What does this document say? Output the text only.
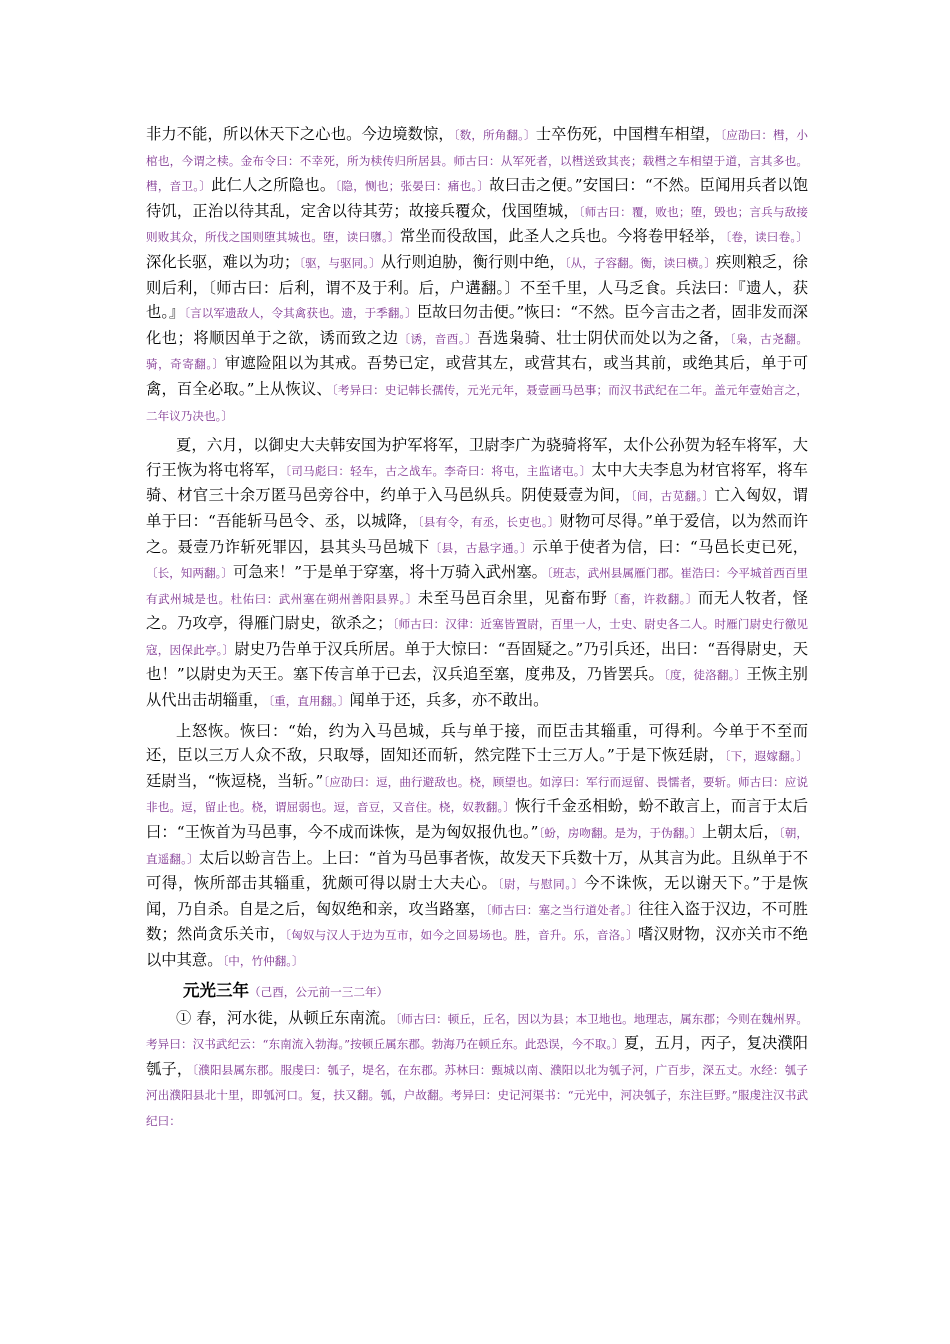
非力不能，所以休天下之心也。今边境数惊，〔数，所角翻。〕士卒伤死，中国槥车相望，〔应劭曰：槥，小棺也，今谓之椟。金布令曰：不幸死，所为椟传归所居县。师古曰：从军死者，以槥送致其丧；载槥之车相望于道，言其多也。槥，音卫。〕此仁人之所隐也。〔隐，恻也；张晏曰：痛也。〕故曰击之便。”安国曰：“不然。臣闻用兵者以饱待饥，正治以待其乱，定舍以待其劳；故接兵覆众，伐国堕城，〔师古曰：覆，败也；堕，毁也；言兵与敌接则败其众，所伐之国则堕其城也。堕，读曰隳。〕常坐而役敌国，此圣人之兵也。今将卷甲轻举，〔卷，读曰卷。〕深化长驱，难以为功；〔驱，与驱同。〕从行则迫胁，衡行则中绝，〔从，子容翻。衡，读曰横。〕疾则粮乏，徐则后利，〔师古曰：后利，谓不及于利。后，户遘翻。〕不至千里，人马乏食。兵法曰：『遗人，获也。』〔言以军遗敌人，令其禽获也。遗，于季翻。〕臣故曰勿击便。”恢曰：“不然。臣今言击之者，固非发而深化也；将顺因单于之欲，诱而致之边〔诱，音酉。〕吾选枭骑、壮士阴伏而处以为之备，〔枭，古尧翻。骑，奇寄翻。〕审遮险阻以为其戒。吾势已定，或营其左，或营其右，或当其前，或绝其后，单于可禽，百全必取。”上从恢议、〔考异曰：史记韩长孺传，元光元年，聂壹画马邑事；而汉书武纪在二年。盖元年壹始言之，二年议乃决也。〕

夏，六月，以御史大夫韩安国为护军将军，卫尉李广为骁骑将军，太仆公孙贺为轻车将军，大行王恢为将屯将军，〔司马彪曰：轻车，古之战车。李奇曰：将屯，主监诸屯。〕太中大夫李息为材官将军，将车骑、材官三十余万匿马邑旁谷中，约单于入马邑纵兵。阴使聂壹为间，〔间，古苋翻。〕亡入匈奴，谓单于曰：“吾能斩马邑令、丞，以城降，〔县有令，有丞，长吏也。〕财物可尽得。”单于爱信，以为然而许之。聂壹乃诈斩死罪囚，县其头马邑城下〔县，古悬字通。〕示单于使者为信，曰：“马邑长吏已死，〔长，知两翻。〕可急来！”于是单于穿塞，将十万骑入武州塞。〔班志，武州县属雁门郡。崔浩曰：今平城首西百里有武州城是也。杜佑曰：武州塞在朔州善阳县界。〕未至马邑百余里，见畜布野〔畜，许救翻。〕而无人牧者，怪之。乃攻亭，得雁门尉史，欲杀之；〔师古曰：汉律：近塞皆置尉，百里一人，士史、尉史各二人。时雁门尉史行徼见寇，因保此亭。〕尉史乃告单于汉兵所居。单于大惊曰：“吾固疑之。”乃引兵还，出曰：“吾得尉史，天也！”以尉史为天王。塞下传言单于已去，汉兵追至塞，度弗及，乃皆罢兵。〔度，徒洛翻。〕王恢主别从代出击胡辎重，〔重，直用翻。〕闻单于还，兵多，亦不敢出。

上怒恢。恢曰：“始，约为入马邑城，兵与单于接，而臣击其辎重，可得利。今单于不至而还，臣以三万人众不敌，只取辱，固知还而斩，然完陛下士三万人。”于是下恢廷尉，〔下，遐嫁翻。〕廷尉当，“恢逗桡，当斩。”〔应劭曰：逗，曲行避敌也。桡，顾望也。如淳曰：军行而逗留、畏懦者，要斩。师古曰：应说非也。逗，留止也。桡，谓屈弱也。逗，音豆，又音住。桡，奴教翻。〕恢行千金丞相蚡，蚡不敢言上，而言于太后曰：“王恢首为马邑事，今不成而诛恢，是为匈奴报仇也。”〔蚡，房吻翻。是为，于伪翻。〕上朝太后，〔朝，直遥翻。〕太后以蚡言告上。上曰：“首为马邑事者恢，故发天下兵数十万，从其言为此。且纵单于不可得，恢所部击其辎重，犹颇可得以尉士大夫心。〔尉，与慰同。〕今不诛恢，无以谢天下。”于是恢闻，乃自杀。自是之后，匈奴绝和亲，攻当路塞，〔师古曰：塞之当行道处者。〕往往入盗于汉边，不可胜数；然尚贪乐关市，〔匈奴与汉人于边为互市，如今之回易场也。胜，音升。乐，音洛。〕嗜汉财物，汉亦关市不绝以中其意。〔中，竹仲翻。〕

元光三年（己酉，公元前一三二年）

① 春，河水徙，从顿丘东南流。〔师古曰：顿丘，丘名，因以为县；本卫地也。地理志，属东郡；今则在魏州界。考异曰：汉书武纪云：“东南流入勃海。”按顿丘属东郡。勃海乃在顿丘东。此恐误，今不取。〕夏，五月，丙子，复决濮阳瓠子，〔濮阳县属东郡。服虔曰：瓠子，堤名，在东郡。苏林曰：甄城以南、濮阳以北为瓠子河，广百步，深五丈。水经：瓠子河出濮阳县北十里，即瓠河口。复，扶又翻。瓠，户故翻。考异曰：史记河渠书：“元光中，河决瓠子，东注巨野。”服虔注汉书武纪曰：
